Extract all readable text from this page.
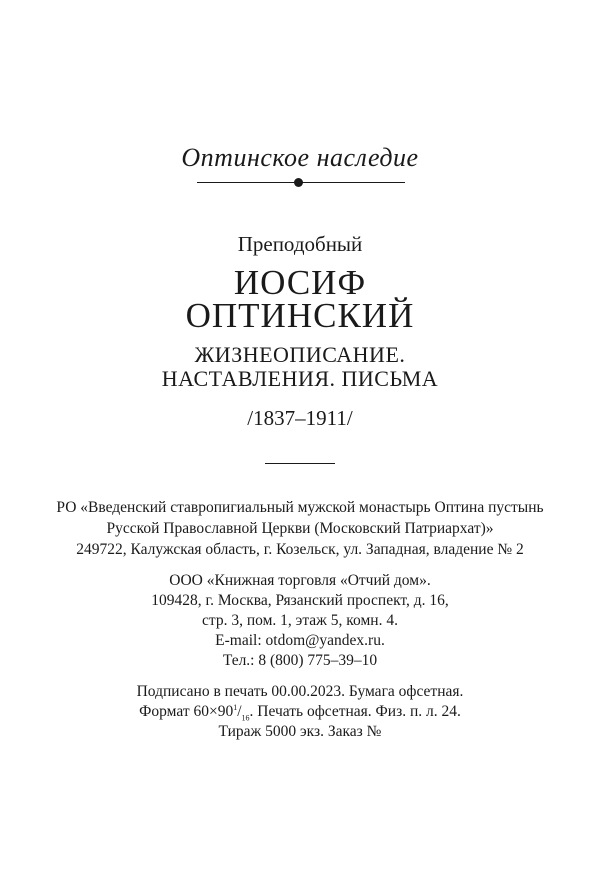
Оптинское наследие
Преподобный
ИОСИФ
ОПТИНСКИЙ
ЖИЗНЕОПИСАНИЕ.
НАСТАВЛЕНИЯ. ПИСЬМА
/1837–1911/
РО «Введенский ставропигиальный мужской монастырь Оптина пустынь
Русской Православной Церкви (Московский Патриархат)»
249722, Калужская область, г. Козельск, ул. Западная, владение № 2
ООО «Книжная торговля «Отчий дом».
109428, г. Москва, Рязанский проспект, д. 16,
стр. 3, пом. 1, этаж 5, комн. 4.
E-mail: otdom@yandex.ru.
Тел.: 8 (800) 775–39–10
Подписано в печать 00.00.2023. Бумага офсетная.
Формат $60\times 90^1/_{16}$. Печать офсетная. Физ. п. л. 24.
Тираж 5000 экз. Заказ №
